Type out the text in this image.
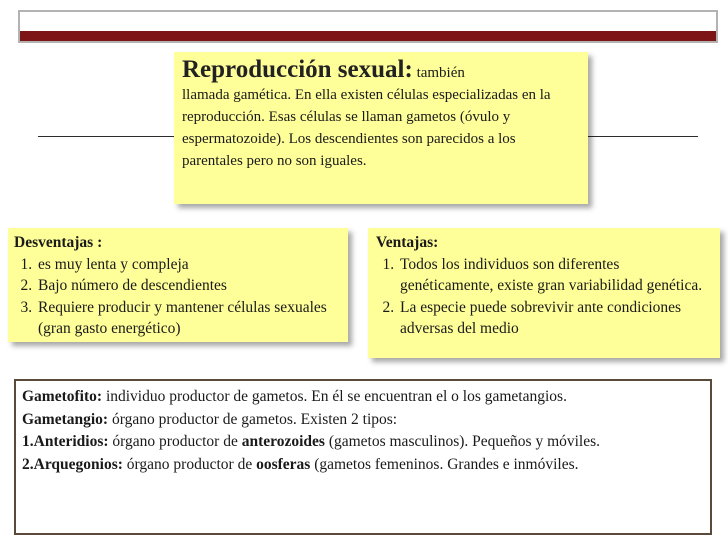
Reproducción sexual: también
llamada gamética. En ella existen células especializadas en la reproducción. Esas células se llaman gametos (óvulo y espermatozoide). Los descendientes son parecidos a los parentales pero no son iguales.
Desventajas :
1. es muy lenta y compleja
2. Bajo número de descendientes
3. Requiere producir y mantener células sexuales (gran gasto energético)
Ventajas:
1. Todos los individuos son diferentes genéticamente, existe gran variabilidad genética.
2. La especie puede sobrevivir ante condiciones adversas del medio

Gametofito: individuo productor de gametos. En él se encuentran el o los gametangios.

Gametangio: órgano productor de gametos. Existen 2 tipos:

1.Anteridios: órgano productor de anterozoides (gametos masculinos). Pequeños y móviles.

2.Arquegonios: órgano productor de oosferas (gametos femeninos. Grandes e inmóviles.
